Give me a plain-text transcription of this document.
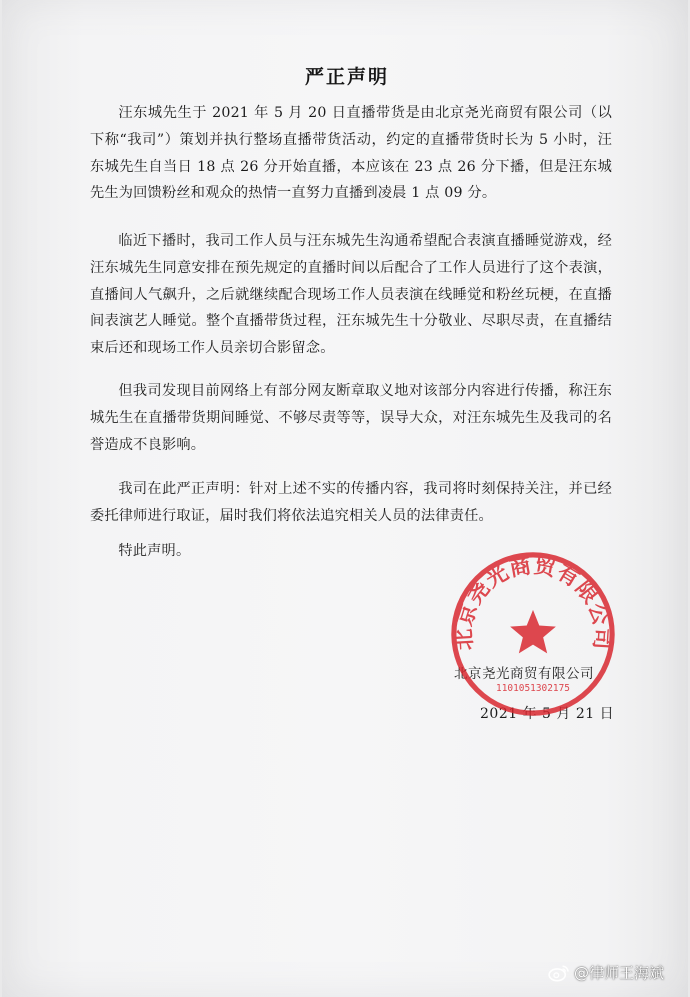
严正声明

汪东城先生于 2021 年 5 月 20 日直播带货是由北京尧光商贸有限公司（以下称“我司”）策划并执行整场直播带货活动，约定的直播带货时长为 5 小时，汪东城先生自当日 18 点 26 分开始直播，本应该在 23 点 26 分下播，但是汪东城先生为回馈粉丝和观众的热情一直努力直播到凌晨 1 点 09 分。

临近下播时，我司工作人员与汪东城先生沟通希望配合表演直播睡觉游戏，经汪东城先生同意安排在预先规定的直播时间以后配合了工作人员进行了这个表演，直播间人气飙升，之后就继续配合现场工作人员表演在线睡觉和粉丝玩梗，在直播间表演艺人睡觉。整个直播带货过程，汪东城先生十分敬业、尽职尽责，在直播结束后还和现场工作人员亲切合影留念。

但我司发现目前网络上有部分网友断章取义地对该部分内容进行传播，称汪东城先生在直播带货期间睡觉、不够尽责等等，误导大众，对汪东城先生及我司的名誉造成不良影响。

我司在此严正声明：针对上述不实的传播内容，我司将时刻保持关注，并已经委托律师进行取证，届时我们将依法追究相关人员的法律责任。

特此声明。

北京尧光商贸有限公司
2021 年 5 月 21 日
北京尧光商贸有限公司
1101051302175
@律师王海斌
